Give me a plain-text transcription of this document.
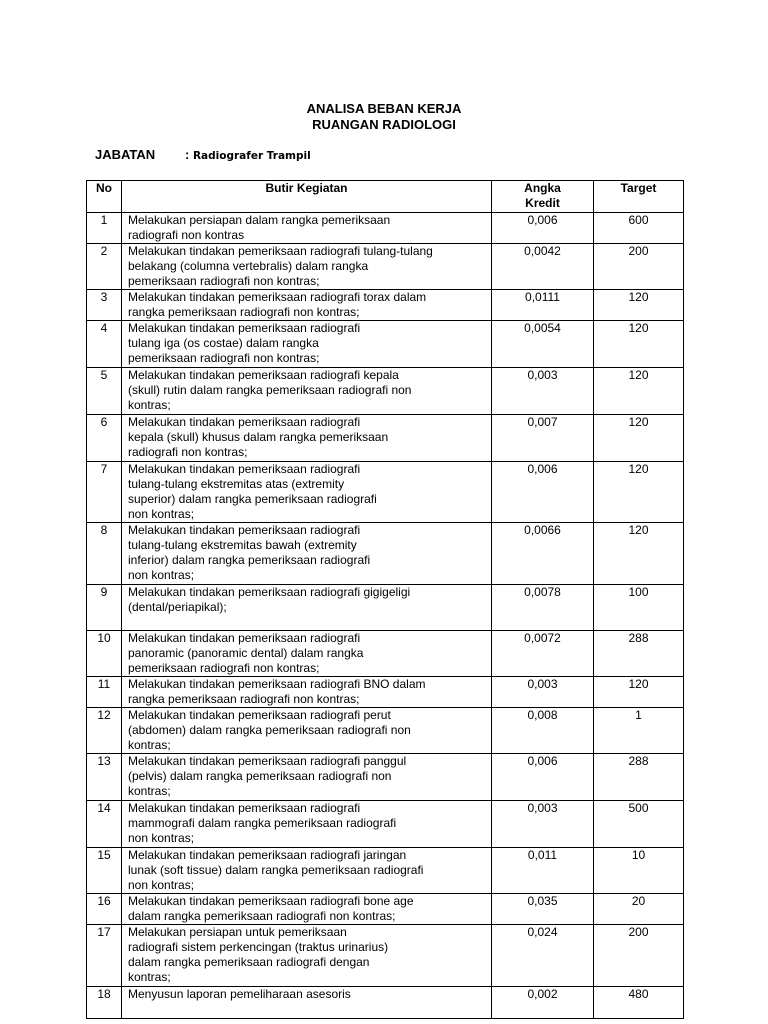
ANALISA BEBAN KERJA
RUANGAN RADIOLOGI
JABATAN : Radiografer Trampil
No	Butir Kegiatan	Angka
Kredit	Target
1	Melakukan persiapan dalam rangka pemeriksaan
radiografi non kontras	0,006	600
2	Melakukan tindakan pemeriksaan radiografi tulang-tulang
belakang (columna vertebralis) dalam rangka
pemeriksaan radiografi non kontras;	0,0042	200
3	Melakukan tindakan pemeriksaan radiografi torax dalam
rangka pemeriksaan radiografi non kontras;	0,0111	120
4	Melakukan tindakan pemeriksaan radiografi
tulang iga (os costae) dalam rangka
pemeriksaan radiografi non kontras;	0,0054	120
5	Melakukan tindakan pemeriksaan radiografi kepala
(skull) rutin dalam rangka pemeriksaan radiografi non
kontras;	0,003	120
6	Melakukan tindakan pemeriksaan radiografi
kepala (skull) khusus dalam rangka pemeriksaan
radiografi non kontras;	0,007	120
7	Melakukan tindakan pemeriksaan radiografi
tulang-tulang ekstremitas atas (extremity
superior) dalam rangka pemeriksaan radiografi
non kontras;	0,006	120
8	Melakukan tindakan pemeriksaan radiografi
tulang-tulang ekstremitas bawah (extremity
inferior) dalam rangka pemeriksaan radiografi
non kontras;	0,0066	120
9	Melakukan tindakan pemeriksaan radiografi gigigeligi
(dental/periapikal);	0,0078	100
10	Melakukan tindakan pemeriksaan radiografi
panoramic (panoramic dental) dalam rangka
pemeriksaan radiografi non kontras;	0,0072	288
11	Melakukan tindakan pemeriksaan radiografi BNO dalam
rangka pemeriksaan radiografi non kontras;	0,003	120
12	Melakukan tindakan pemeriksaan radiografi perut
(abdomen) dalam rangka pemeriksaan radiografi non
kontras;	0,008	1
13	Melakukan tindakan pemeriksaan radiografi panggul
(pelvis) dalam rangka pemeriksaan radiografi non
kontras;	0,006	288
14	Melakukan tindakan pemeriksaan radiografi
mammografi dalam rangka pemeriksaan radiografi
non kontras;	0,003	500
15	Melakukan tindakan pemeriksaan radiografi jaringan
lunak (soft tissue) dalam rangka pemeriksaan radiografi
non kontras;	0,011	10
16	Melakukan tindakan pemeriksaan radiografi bone age
dalam rangka pemeriksaan radiografi non kontras;	0,035	20
17	Melakukan persiapan untuk pemeriksaan
radiografi sistem perkencingan (traktus urinarius)
dalam rangka pemeriksaan radiografi dengan
kontras;	0,024	200
18	Menyusun laporan pemeliharaan asesoris	0,002	480
